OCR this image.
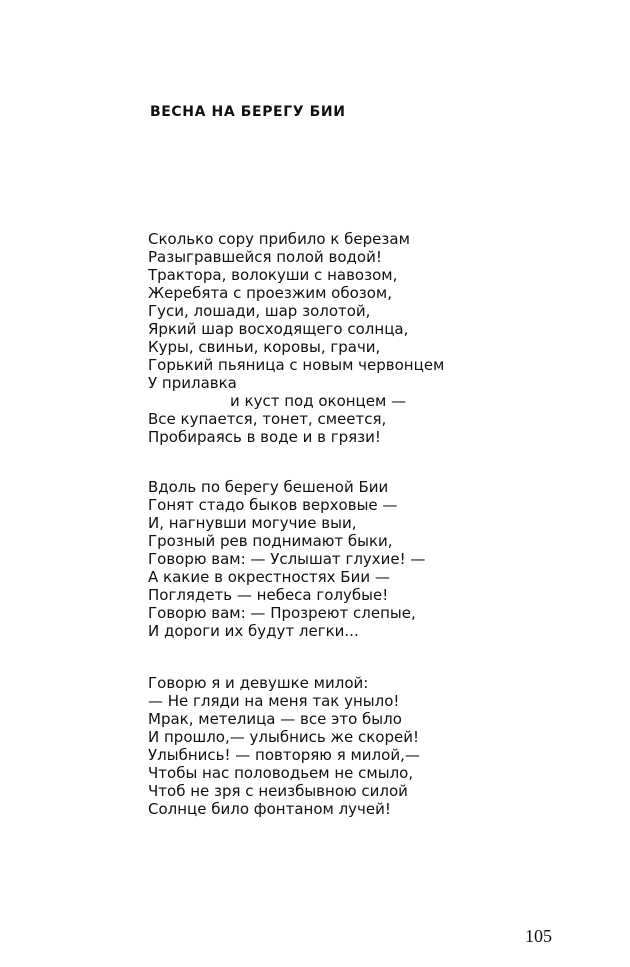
ВЕСНА НА БЕРЕГУ БИИ
Сколько сору прибило к березам
Разыгравшейся полой водой!
Трактора, волокуши с навозом,
Жеребята с проезжим обозом,
Гуси, лошади, шар золотой,
Яркий шар восходящего солнца,
Куры, свиньи, коровы, грачи,
Горький пьяница с новым червонцем
У прилавка
и куст под оконцем —
Все купается, тонет, смеется,
Пробираясь в воде и в грязи!
Вдоль по берегу бешеной Бии
Гонят стадо быков верховые —
И, нагнувши могучие выи,
Грозный рев поднимают быки,
Говорю вам: — Услышат глухие! —
А какие в окрестностях Бии —
Поглядеть — небеса голубые!
Говорю вам: — Прозреют слепые,
И дороги их будут легки...
Говорю я и девушке милой:
— Не гляди на меня так уныло!
Мрак, метелица — все это было
И прошло,— улыбнись же скорей!
Улыбнись! — повторяю я милой,—
Чтобы нас половодьем не смыло,
Чтоб не зря с неизбывною силой
Солнце било фонтаном лучей!
105
